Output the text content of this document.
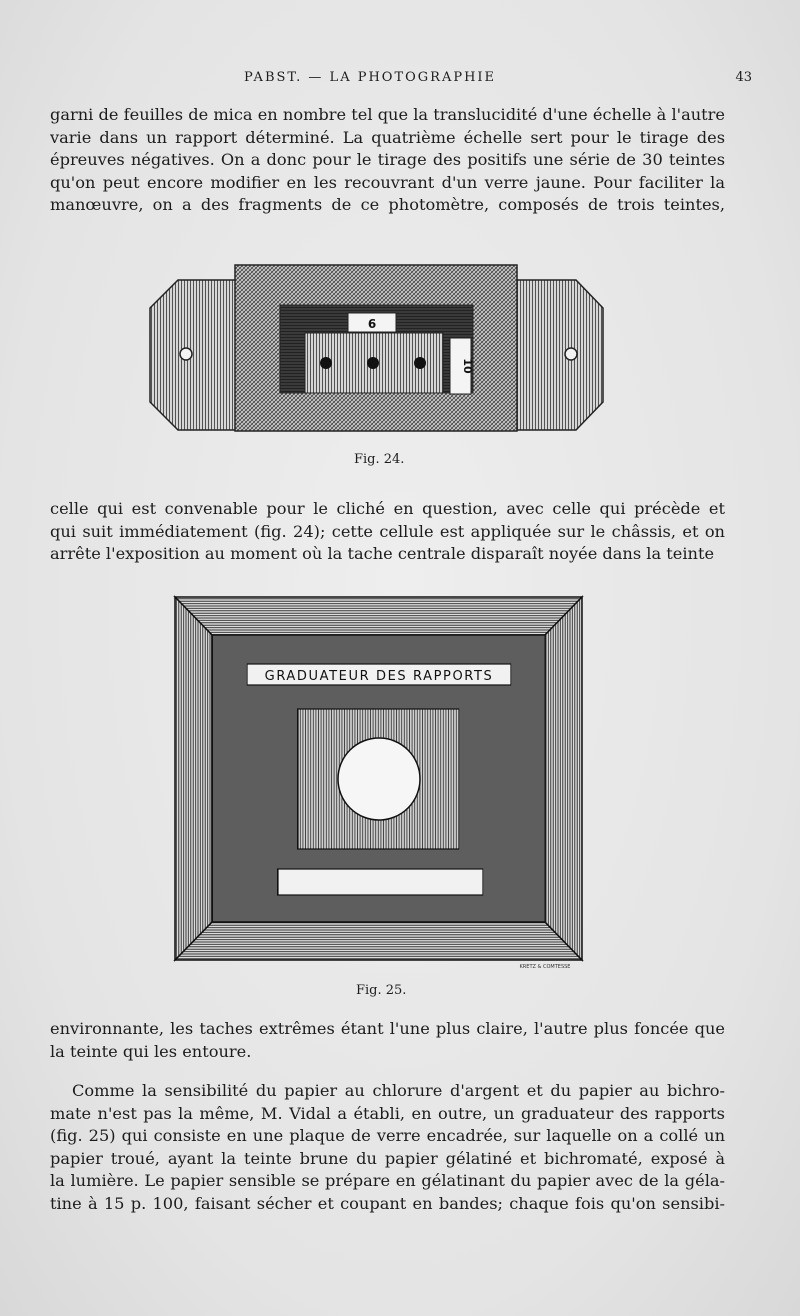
PABST. — LA PHOTOGRAPHIE	43
garni de feuilles de mica en nombre tel que la translucidité d'une échelle à l'autre
varie dans un rapport déterminé. La quatrième échelle sert pour le tirage des
épreuves négatives. On a donc pour le tirage des positifs une série de 30 teintes
qu'on peut encore modifier en les recouvrant d'un verre jaune. Pour faciliter la
manœuvre, on a des fragments de ce photomètre, composés de trois teintes,
6
10
Fig. 24.
celle qui est convenable pour le cliché en question, avec celle qui précède et
qui suit immédiatement (fig. 24); cette cellule est appliquée sur le châssis, et on
arrête l'exposition au moment où la tache centrale disparaît noyée dans la teinte
GRADUATEUR DES RAPPORTS
KRETZ & COMTESSE
Fig. 25.
environnante, les taches extrêmes étant l'une plus claire, l'autre plus foncée que
la teinte qui les entoure.
Comme la sensibilité du papier au chlorure d'argent et du papier au bichro-
mate n'est pas la même, M. Vidal a établi, en outre, un graduateur des rapports
(fig. 25) qui consiste en une plaque de verre encadrée, sur laquelle on a collé un
papier troué, ayant la teinte brune du papier gélatiné et bichromaté, exposé à
la lumière. Le papier sensible se prépare en gélatinant du papier avec de la géla-
tine à 15 p. 100, faisant sécher et coupant en bandes; chaque fois qu'on sensibi-
